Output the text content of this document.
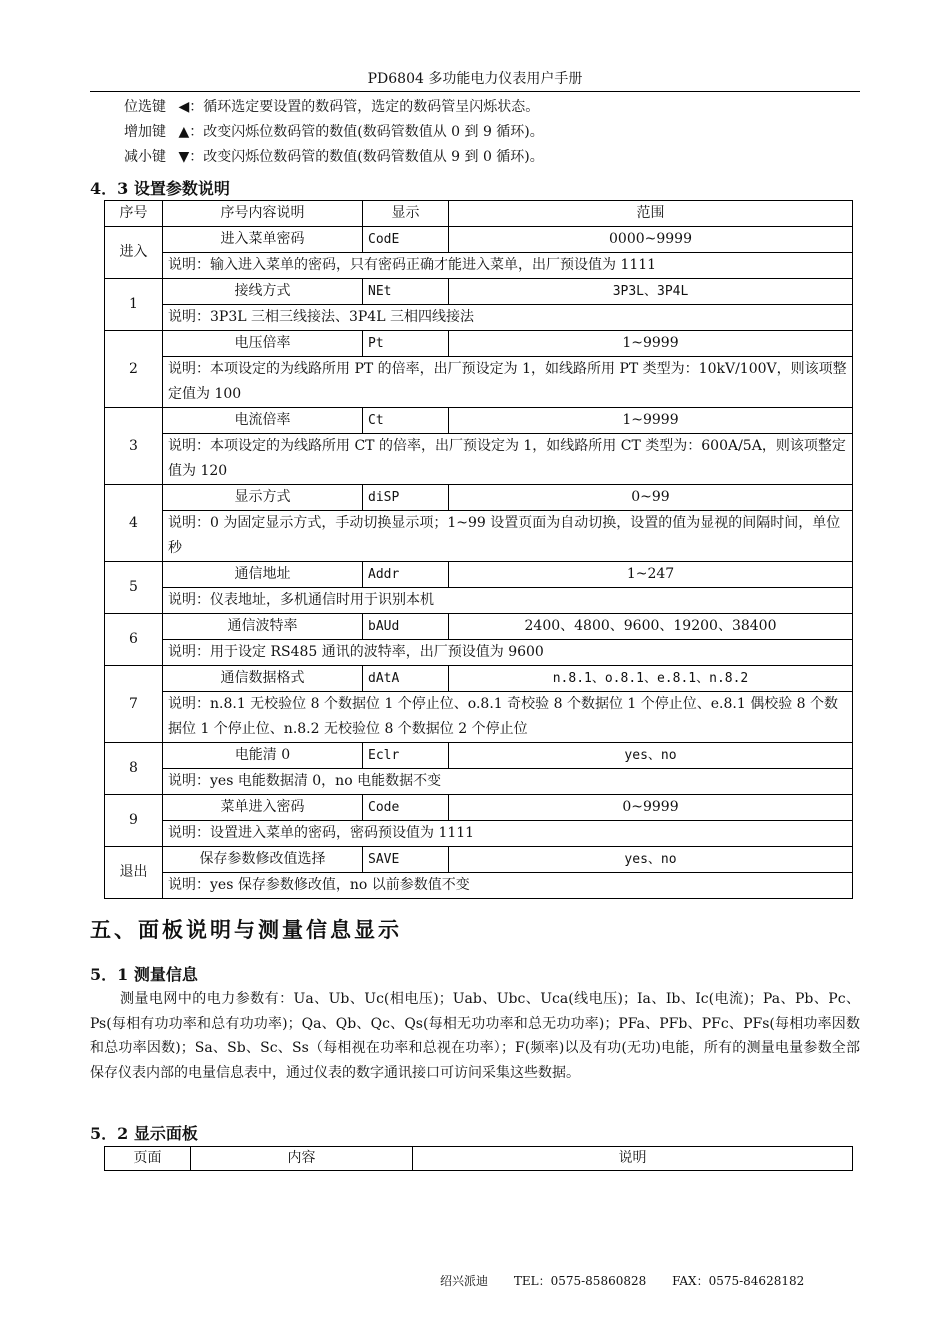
PD6804 多功能电力仪表用户手册
位选键 ◀：循环选定要设置的数码管，选定的数码管呈闪烁状态。
增加键 ▲：改变闪烁位数码管的数值(数码管数值从 0 到 9 循环)。
减小键 ▼：改变闪烁位数码管的数值(数码管数值从 9 到 0 循环)。
4．3 设置参数说明
序号	序号内容说明	显示	范围
进入	进入菜单密码	CodE	0000~9999
	说明：输入进入菜单的密码，只有密码正确才能进入菜单，出厂预设值为 1111		
1	接线方式	NEt	3P3L、3P4L
	说明：3P3L 三相三线接法、3P4L 三相四线接法		
2	电压倍率	Pt	1~9999
	说明：本项设定的为线路所用 PT 的倍率，出厂预设定为 1，如线路所用 PT 类型为：10kV/100V，则该项整定值为 100		
3	电流倍率	Ct	1~9999
	说明：本项设定的为线路所用 CT 的倍率，出厂预设定为 1，如线路所用 CT 类型为：600A/5A，则该项整定值为 120		
4	显示方式	diSP	0~99
	说明：0 为固定显示方式，手动切换显示项；1~99 设置页面为自动切换，设置的值为显视的间隔时间，单位秒		
5	通信地址	Addr	1~247
	说明：仪表地址，多机通信时用于识别本机		
6	通信波特率	bAUd	2400、4800、9600、19200、38400
	说明：用于设定 RS485 通讯的波特率，出厂预设值为 9600		
7	通信数据格式	dAtA	n.8.1、o.8.1、e.8.1、n.8.2
	说明：n.8.1 无校验位 8 个数据位 1 个停止位、o.8.1 奇校验 8 个数据位 1 个停止位、e.8.1 偶校验 8 个数据位 1 个停止位、n.8.2 无校验位 8 个数据位 2 个停止位		
8	电能清 0	Eclr	yes、no
	说明：yes 电能数据清 0，no 电能数据不变		
9	菜单进入密码	Code	0~9999
	说明：设置进入菜单的密码，密码预设值为 1111		
退出	保存参数修改值选择	SAVE	yes、no
	说明：yes 保存参数修改值，no 以前参数值不变		
五、面板说明与测量信息显示
5．1 测量信息
测量电网中的电力参数有：Ua、Ub、Uc(相电压)；Uab、Ubc、Uca(线电压)；Ia、Ib、Ic(电流)；Pa、Pb、Pc、Ps(每相有功功率和总有功功率)；Qa、Qb、Qc、Qs(每相无功功率和总无功功率)；PFa、PFb、PFc、PFs(每相功率因数和总功率因数)；Sa、Sb、Sc、Ss（每相视在功率和总视在功率）；F(频率)以及有功(无功)电能，所有的测量电量参数全部保存仪表内部的电量信息表中，通过仪表的数字通讯接口可访问采集这些数据。
5．2 显示面板
页面	内容	说明
绍兴派迪 TEL：0575-85860828 FAX：0575-84628182
